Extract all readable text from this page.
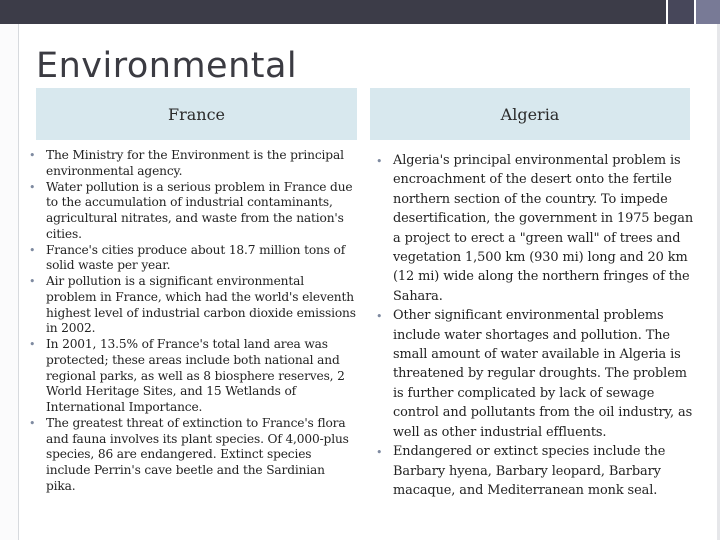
Environmental
France	Algeria
• The Ministry for the Environment is the principal environmental agency.
• Water pollution is a serious problem in France due to the accumulation of industrial contaminants, agricultural nitrates, and waste from the nation's cities.
• France's cities produce about 18.7 million tons of solid waste per year.
• Air pollution is a significant environmental problem in France, which had the world's eleventh highest level of industrial carbon dioxide emissions in 2002.
• In 2001, 13.5% of France's total land area was protected; these areas include both national and regional parks, as well as 8 biosphere reserves, 2 World Heritage Sites, and 15 Wetlands of International Importance.
• The greatest threat of extinction to France's flora and fauna involves its plant species. Of 4,000-plus species, 86 are endangered. Extinct species include Perrin's cave beetle and the Sardinian pika.
• Algeria's principal environmental problem is encroachment of the desert onto the fertile northern section of the country. To impede desertification, the government in 1975 began a project to erect a "green wall" of trees and vegetation 1,500 km (930 mi) long and 20 km (12 mi) wide along the northern fringes of the Sahara.
• Other significant environmental problems include water shortages and pollution. The small amount of water available in Algeria is threatened by regular droughts. The problem is further complicated by lack of sewage control and pollutants from the oil industry, as well as other industrial effluents.
• Endangered or extinct species include the Barbary hyena, Barbary leopard, Barbary macaque, and Mediterranean monk seal.
